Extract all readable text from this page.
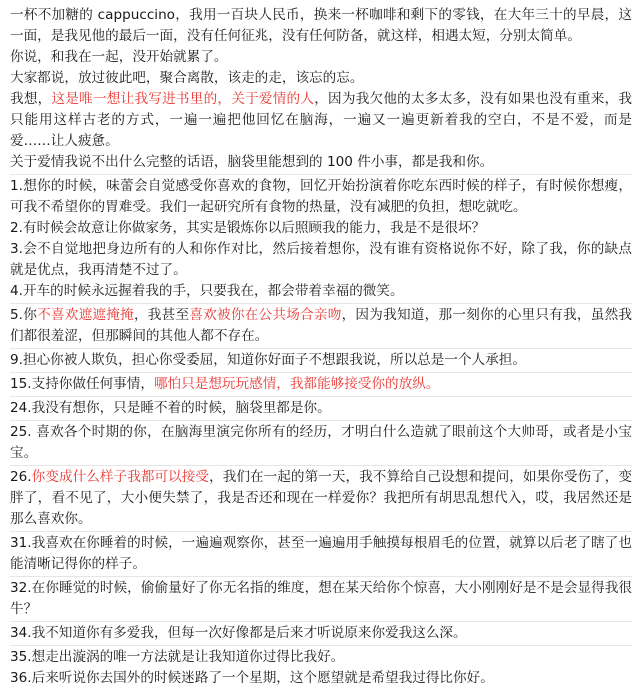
一杯不加糖的 cappuccino，我用一百块人民币，换来一杯咖啡和剩下的零钱，在大年三十的早晨，这一面，是我见他的最后一面，没有任何征兆，没有任何防备，就这样，相遇太短，分别太简单。

你说，和我在一起，没开始就累了。

大家都说，放过彼此吧，聚合离散，该走的走，该忘的忘。

我想，这是唯一想让我写进书里的，关于爱情的人，因为我欠他的太多太多，没有如果也没有重来，我只能用这样古老的方式，一遍一遍把他回忆在脑海，一遍又一遍更新着我的空白，不是不爱，而是爱……让人疲惫。

关于爱情我说不出什么完整的话语，脑袋里能想到的 100 件小事，都是我和你。

1.想你的时候，味蕾会自觉感受你喜欢的食物，回忆开始扮演着你吃东西时候的样子，有时候你想瘦，可我不希望你的胃难受。我们一起研究所有食物的热量，没有减肥的负担，想吃就吃。

2.有时候会故意让你做家务，其实是锻炼你以后照顾我的能力，我是不是很坏？

3.会不自觉地把身边所有的人和你作对比，然后接着想你，没有谁有资格说你不好，除了我，你的缺点就是优点，我再清楚不过了。

4.开车的时候永远握着我的手，只要我在，都会带着幸福的微笑。

5.你不喜欢遮遮掩掩，我甚至喜欢被你在公共场合亲吻，因为我知道，那一刻你的心里只有我，虽然我们都很羞涩，但那瞬间的其他人都不存在。

9.担心你被人欺负，担心你受委屈，知道你好面子不想跟我说，所以总是一个人承担。

15.支持你做任何事情，哪怕只是想玩玩感情，我都能够接受你的放纵。

24.我没有想你，只是睡不着的时候，脑袋里都是你。

25. 喜欢各个时期的你，在脑海里演完你所有的经历，才明白什么造就了眼前这个大帅哥，或者是小宝宝。

26.你变成什么样子我都可以接受，我们在一起的第一天，我不算给自己设想和提问，如果你受伤了，变胖了，看不见了，大小便失禁了，我是否还和现在一样爱你？我把所有胡思乱想代入，哎，我居然还是那么喜欢你。

31.我喜欢在你睡着的时候，一遍遍观察你，甚至一遍遍用手触摸每根眉毛的位置，就算以后老了瞎了也能清晰记得你的样子。

32.在你睡觉的时候，偷偷量好了你无名指的维度，想在某天给你个惊喜，大小刚刚好是不是会显得我很牛？

34.我不知道你有多爱我，但每一次好像都是后来才听说原来你爱我这么深。

35.想走出漩涡的唯一方法就是让我知道你过得比我好。

36.后来听说你去国外的时候迷路了一个星期，这个愿望就是希望我过得比你好。
